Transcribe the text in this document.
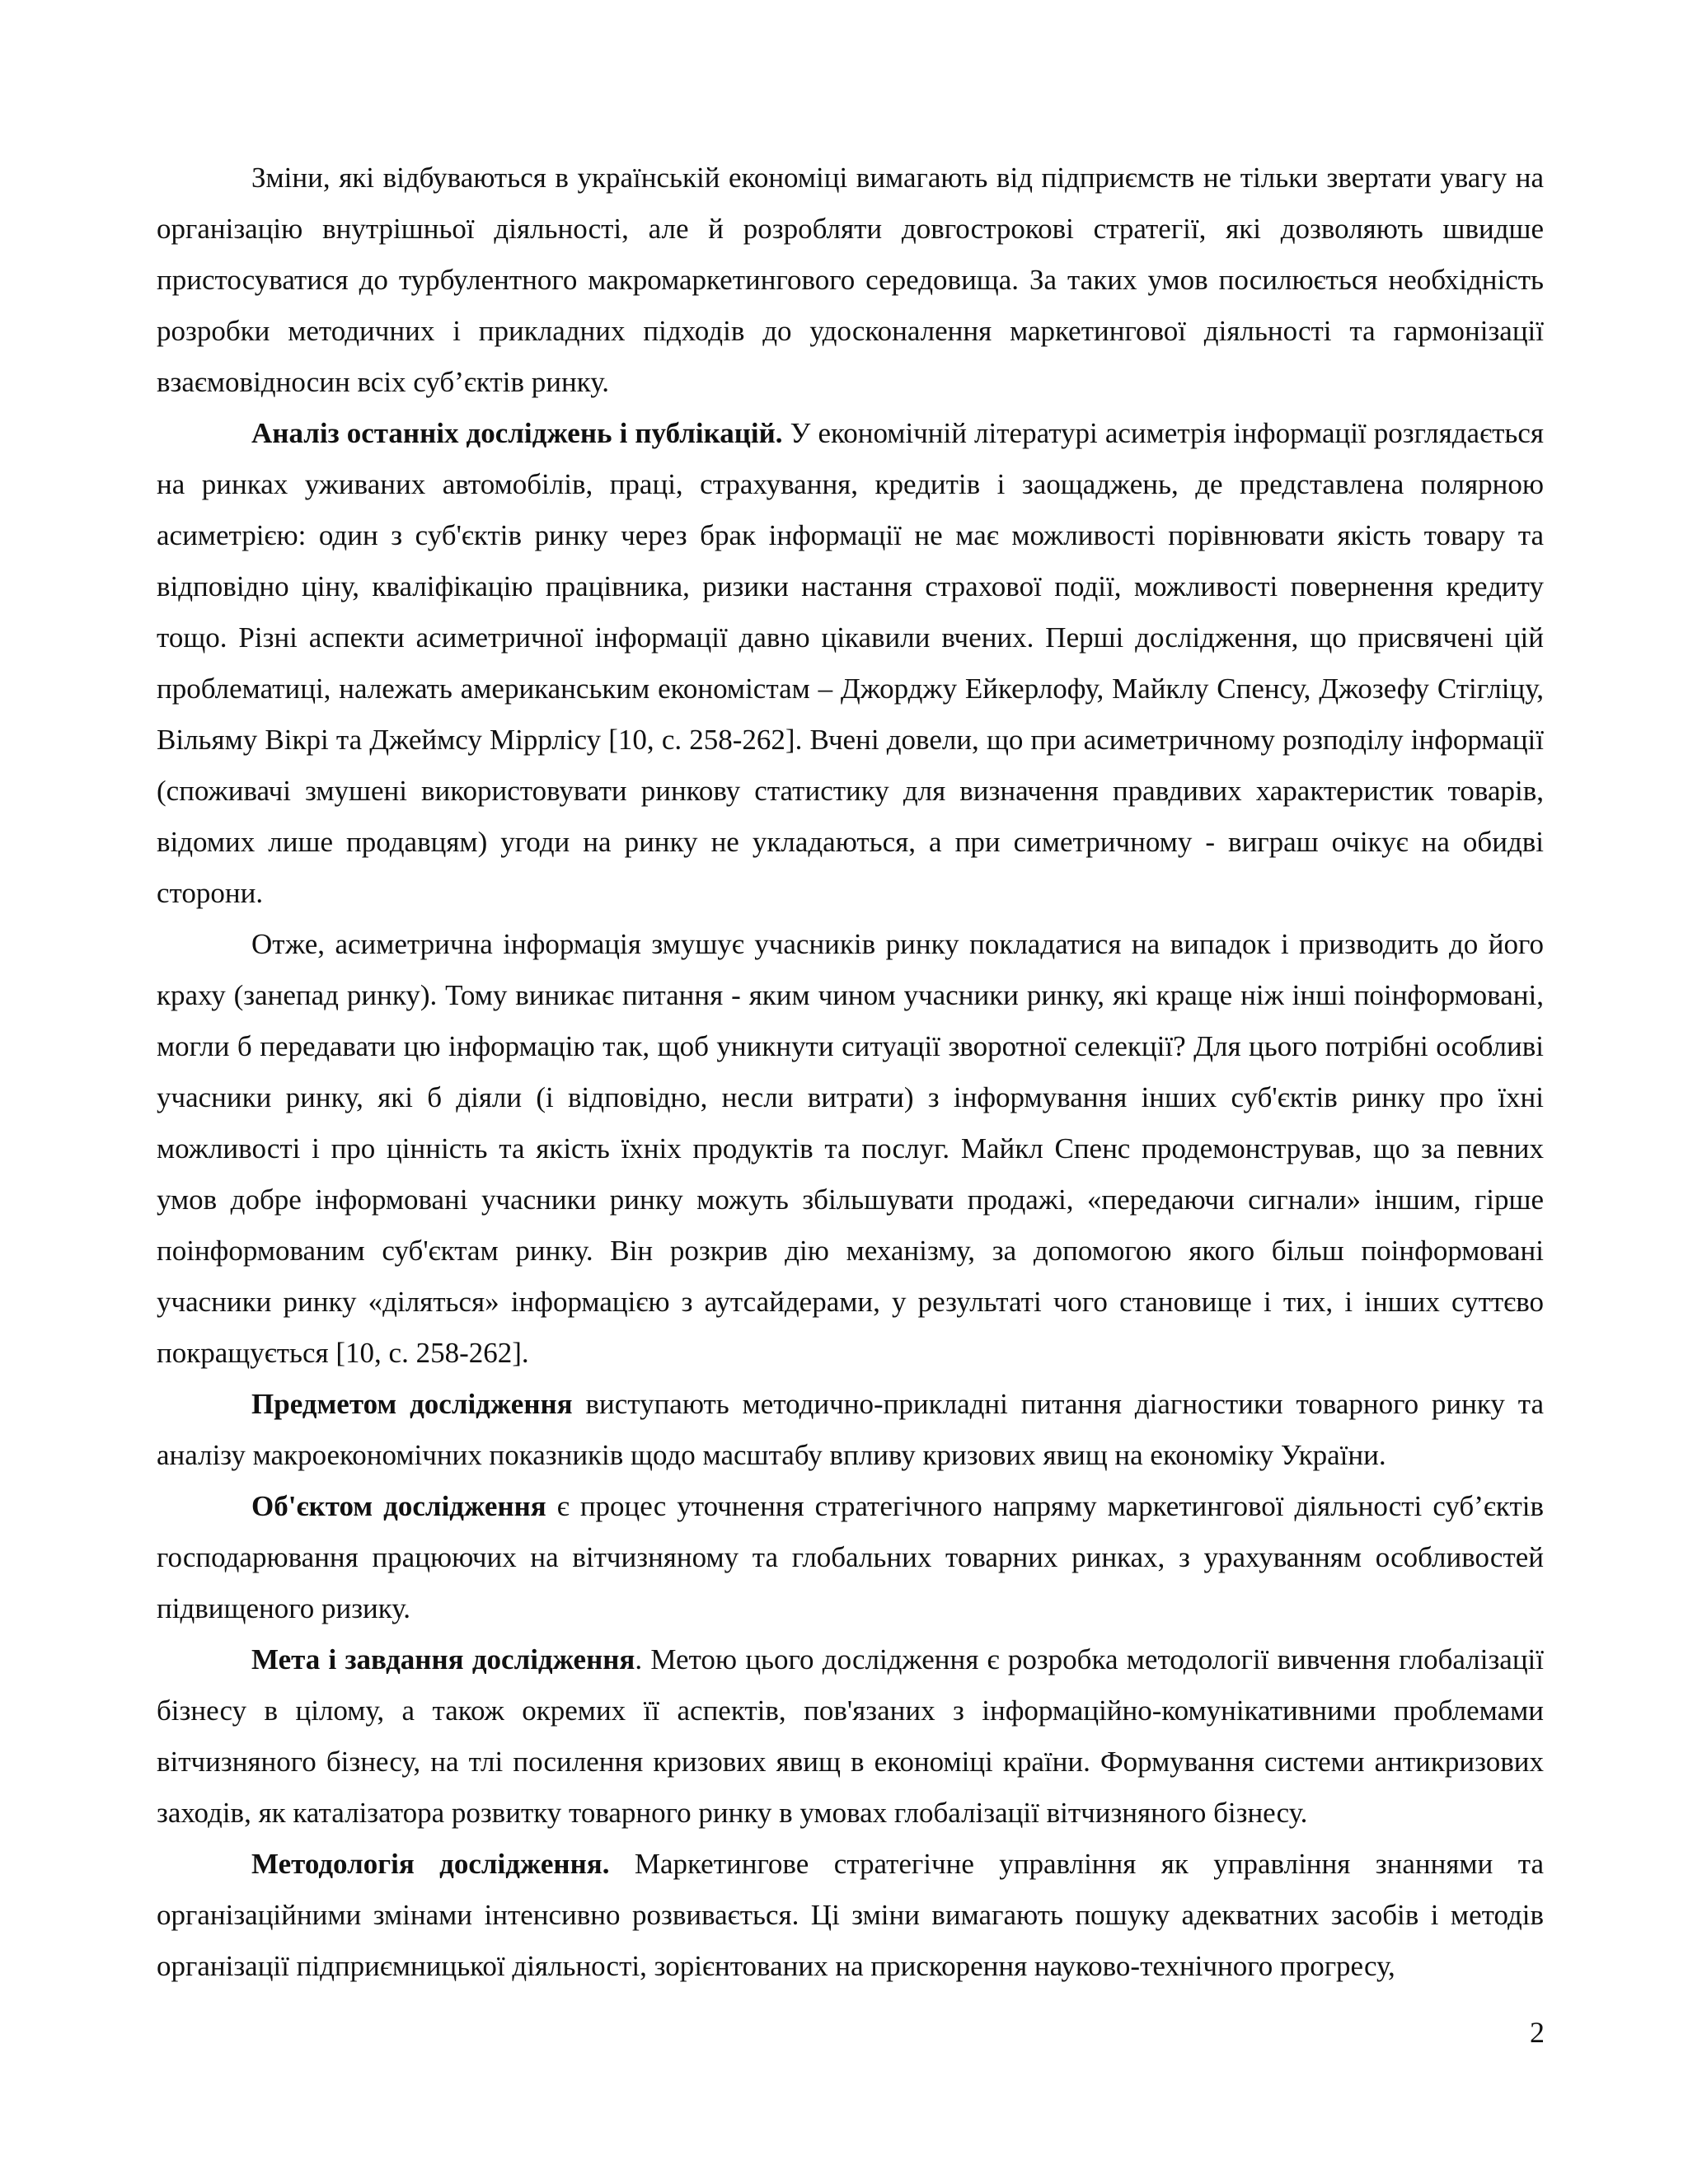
Зміни, які відбуваються в українській економіці вимагають від підприємств не тільки звертати увагу на організацію внутрішньої діяльності, але й розробляти довгострокові стратегії, які дозволяють швидше пристосуватися до турбулентного макромаркетингового середовища. За таких умов посилюється необхідність розробки методичних і прикладних підходів до удосконалення маркетингової діяльності та гармонізації взаємовідносин всіх суб’єктів ринку.

Аналіз останніх досліджень і публікацій. У економічній літературі асиметрія інформації розглядається на ринках уживаних автомобілів, праці, страхування, кредитів і заощаджень, де представлена полярною асиметрією: один з суб'єктів ринку через брак інформації не має можливості порівнювати якість товару та відповідно ціну, кваліфікацію працівника, ризики настання страхової події, можливості повернення кредиту тощо. Різні аспекти асиметричної інформації давно цікавили вчених. Перші дослідження, що присвячені цій проблематиці, належать американським економістам – Джорджу Ейкерлофу, Майклу Спенсу, Джозефу Стігліцу, Вільяму Вікрі та Джеймсу Міррлісу [10, с. 258-262]. Вчені довели, що при асиметричному розподілу інформації (споживачі змушені використовувати ринкову статистику для визначення правдивих характеристик товарів, відомих лише продавцям) угоди на ринку не укладаються, а при симетричному - виграш очікує на обидві сторони.

Отже, асиметрична інформація змушує учасників ринку покладатися на випадок і призводить до його краху (занепад ринку). Тому виникає питання - яким чином учасники ринку, які краще ніж інші поінформовані, могли б передавати цю інформацію так, щоб уникнути ситуації зворотної селекції? Для цього потрібні особливі учасники ринку, які б діяли (і відповідно, несли витрати) з інформування інших суб'єктів ринку про їхні можливості і про цінність та якість їхніх продуктів та послуг. Майкл Спенс продемонстрував, що за певних умов добре інформовані учасники ринку можуть збільшувати продажі, «передаючи сигнали» іншим, гірше поінформованим суб'єктам ринку. Він розкрив дію механізму, за допомогою якого більш поінформовані учасники ринку «діляться» інформацією з аутсайдерами, у результаті чого становище і тих, і інших суттєво покращується [10, с. 258-262].

Предметом дослідження виступають методично-прикладні питання діагностики товарного ринку та аналізу макроекономічних показників щодо масштабу впливу кризових явищ на економіку України.

Об'єктом дослідження є процес уточнення стратегічного напряму маркетингової діяльності суб’єктів господарювання працюючих на вітчизняному та глобальних товарних ринках, з урахуванням особливостей підвищеного ризику.

Мета і завдання дослідження. Метою цього дослідження є розробка методології вивчення глобалізації бізнесу в цілому, а також окремих її аспектів, пов'язаних з інформаційно-комунікативними проблемами вітчизняного бізнесу, на тлі посилення кризових явищ в економіці країни. Формування системи антикризових заходів, як каталізатора розвитку товарного ринку в умовах глобалізації вітчизняного бізнесу.

Методологія дослідження. Маркетингове стратегічне управління як управління знаннями та організаційними змінами інтенсивно розвивається. Ці зміни вимагають пошуку адекватних засобів і методів організації підприємницької діяльності, зорієнтованих на прискорення науково-технічного прогресу,

2
